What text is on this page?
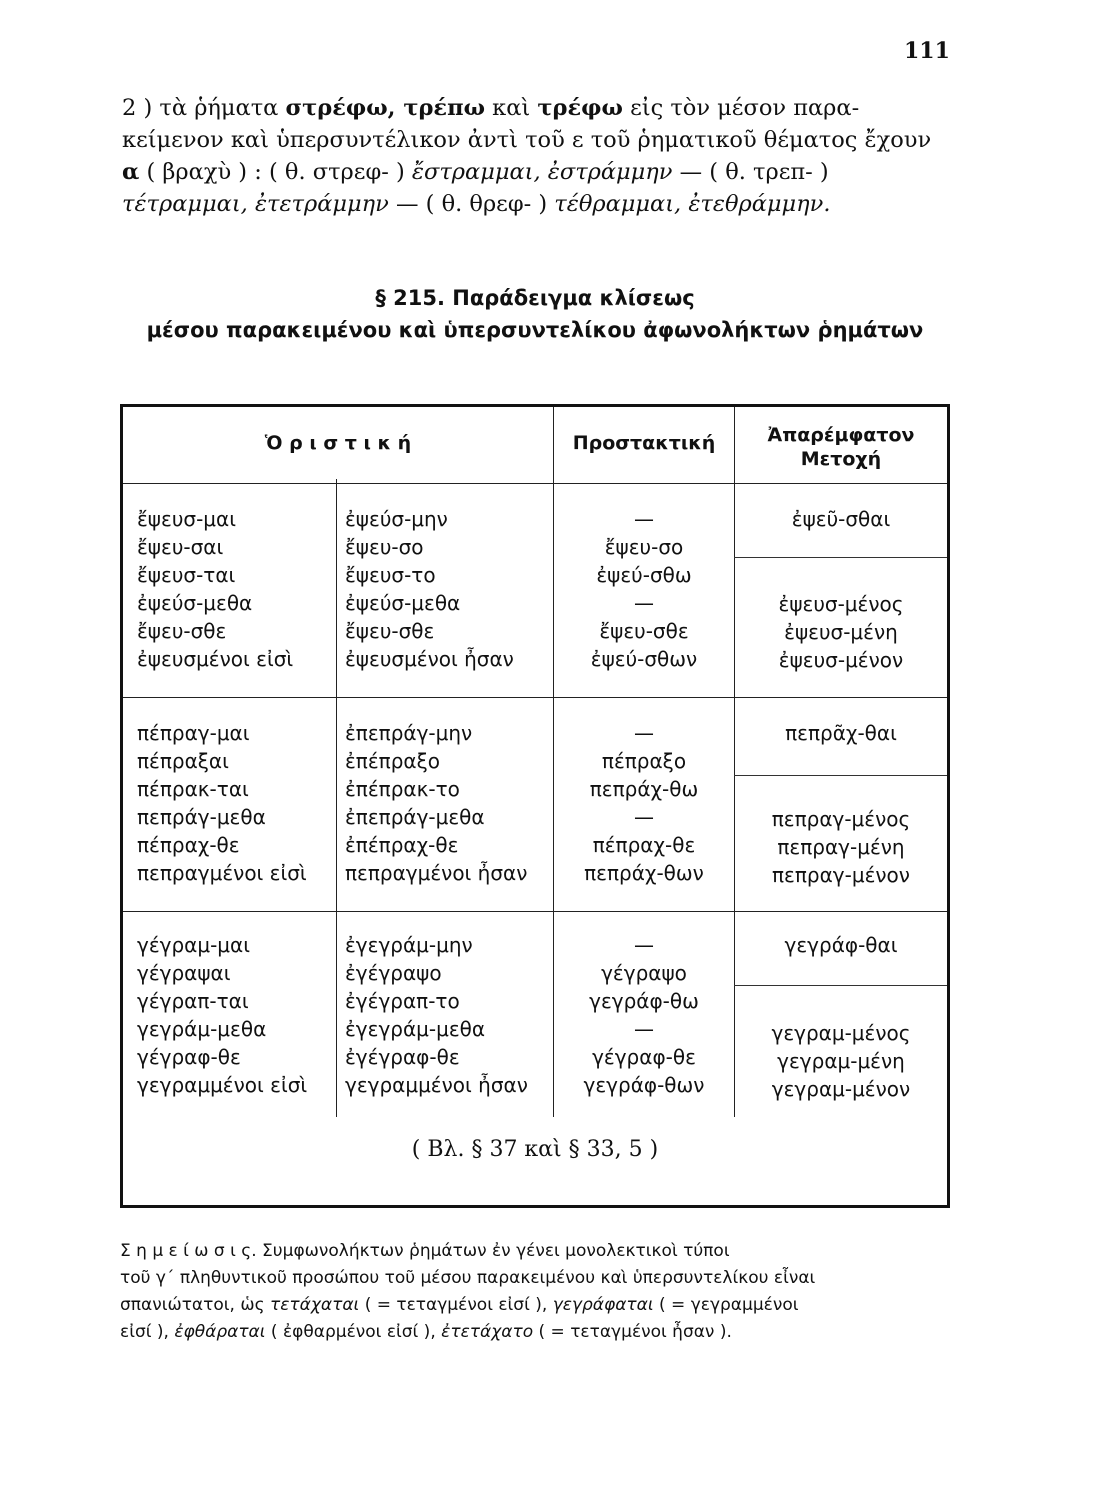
111
2 ) τὰ ῥήματα στρέφω, τρέπω καὶ τρέφω εἰς τὸν μέσον παρα-
κείμενον καὶ ὑπερσυντέλικον ἀντὶ τοῦ ε τοῦ ῥηματικοῦ θέματος ἔχουν
α ( βραχὺ ) : ( θ. στρεφ- ) ἔστραμμαι, ἐστράμμην — ( θ. τρεπ- )
τέτραμμαι, ἐτετράμμην — ( θ. θρεφ- ) τέθραμμαι, ἐτεθράμμην.
§ 215. Παράδειγμα κλίσεως
μέσου παρακειμένου καὶ ὑπερσυντελίκου ἀφωνολήκτων ῥημάτων
Ὁ ρ ι σ τ ι κ ή	Προστακτική	Ἀπαρέμφατον
Μετοχή
ἔψευσ-μαι
ἔψευ-σαι
ἔψευσ-ται
ἐψεύσ-μεθα
ἔψευ-σθε
ἐψευσμένοι εἰσὶ
ἐψεύσ-μην
ἔψευ-σο
ἔψευσ-το
ἐψεύσ-μεθα
ἔψευ-σθε
ἐψευσμένοι ἦσαν
—
ἔψευ-σο
ἐψεύ-σθω
—
ἔψευ-σθε
ἐψεύ-σθων
ἐψεῦ-σθαι
ἐψευσ-μένος
ἐψευσ-μένη
ἐψευσ-μένον
πέπραγ-μαι
πέπραξαι
πέπρακ-ται
πεπράγ-μεθα
πέπραχ-θε
πεπραγμένοι εἰσὶ
ἐπεπράγ-μην
ἐπέπραξο
ἐπέπρακ-το
ἐπεπράγ-μεθα
ἐπέπραχ-θε
πεπραγμένοι ἦσαν
—
πέπραξο
πεπράχ-θω
—
πέπραχ-θε
πεπράχ-θων
πεπρᾶχ-θαι
πεπραγ-μένος
πεπραγ-μένη
πεπραγ-μένον
γέγραμ-μαι
γέγραψαι
γέγραπ-ται
γεγράμ-μεθα
γέγραφ-θε
γεγραμμένοι εἰσὶ
ἐγεγράμ-μην
ἐγέγραψο
ἐγέγραπ-το
ἐγεγράμ-μεθα
ἐγέγραφ-θε
γεγραμμένοι ἦσαν
—
γέγραψο
γεγράφ-θω
—
γέγραφ-θε
γεγράφ-θων
γεγράφ-θαι
γεγραμ-μένος
γεγραμ-μένη
γεγραμ-μένον
( Βλ. § 37 καὶ § 33, 5 )
Σ η μ ε ί ω σ ι ς. Συμφωνολήκτων ῥημάτων ἐν γένει μονολεκτικοὶ τύποι
τοῦ γ΄ πληθυντικοῦ προσώπου τοῦ μέσου παρακειμένου καὶ ὑπερσυντελίκου εἶναι
σπανιώτατοι, ὡς τετάχαται ( = τεταγμένοι εἰσί ), γεγράφαται ( = γεγραμμένοι
εἰσί ), ἐφθάραται ( ἐφθαρμένοι εἰσί ), ἐτετάχατο ( = τεταγμένοι ἦσαν ).
